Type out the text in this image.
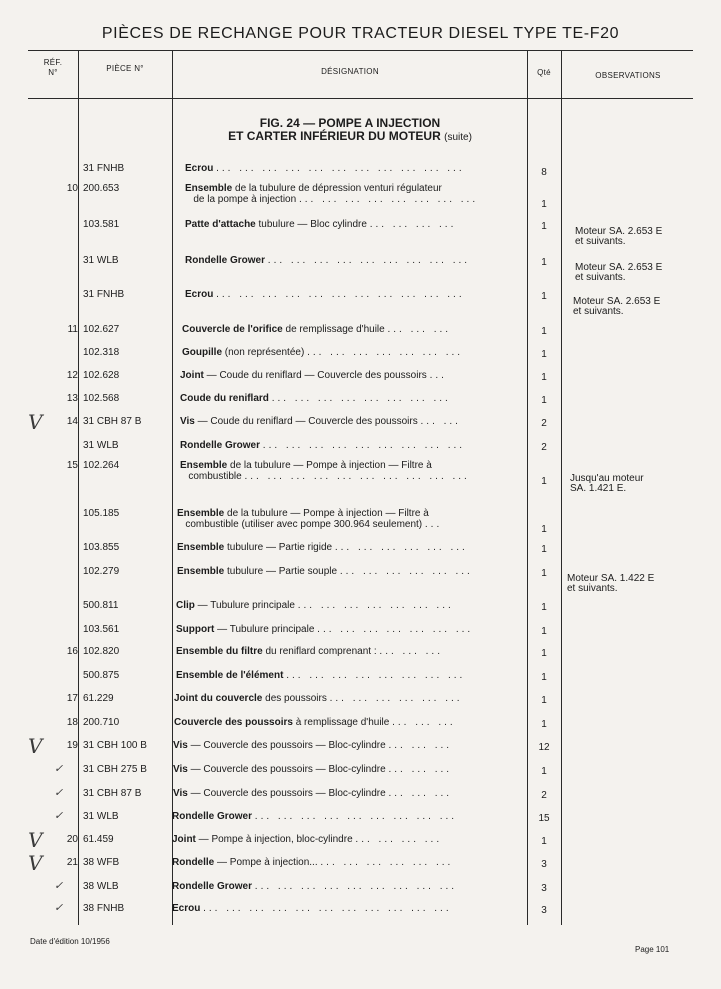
PIÈCES DE RECHANGE POUR TRACTEUR DIESEL TYPE TE-F20
RÉF.
N°	PIÈCE N°	DÉSIGNATION	Qté	OBSERVATIONS
FIG. 24 — POMPE A INJECTION
ET CARTER INFÉRIEUR DU MOTEUR (suite)
31 FNHB	Ecrou ... ... ... ... ... ... ... ... ... ... ...	8
10 200.653	Ensemble de la tubulure de dépression venturi régulateur
de la pompe à injection ... ... ... ... ... ... ... ...	1
103.581	Patte d'attache tubulure — Bloc cylindre ... ... ... ...	1	Moteur SA. 2.653 E
et suivants.
31 WLB	Rondelle Grower ... ... ... ... ... ... ... ... ...	1	Moteur SA. 2.653 E
et suivants.
31 FNHB	Ecrou ... ... ... ... ... ... ... ... ... ... ...	1	Moteur SA. 2.653 E
et suivants.
11 102.627	Couvercle de l'orifice de remplissage d'huile ... ... ...	1
102.318	Goupille (non représentée) ... ... ... ... ... ... ...	1
12 102.628	Joint — Coude du reniflard — Couvercle des poussoirs ...	1
13 102.568	Coude du reniflard ... ... ... ... ... ... ... ...	1
14
V	31 CBH 87 B	Vis — Coude du reniflard — Couvercle des poussoirs ... ...	2
31 WLB	Rondelle Grower ... ... ... ... ... ... ... ... ...	2
15 102.264	Ensemble de la tubulure — Pompe à injection — Filtre à
combustible ... ... ... ... ... ... ... ... ... ...	1	Jusqu'au moteur
SA. 1.421 E.
105.185	Ensemble de la tubulure — Pompe à injection — Filtre à
combustible (utiliser avec pompe 300.964 seulement) ...	1
103.855	Ensemble tubulure — Partie rigide ... ... ... ... ... ...	1
102.279	Ensemble tubulure — Partie souple ... ... ... ... ... ...	1	Moteur SA. 1.422 E
et suivants.
500.811	Clip — Tubulure principale ... ... ... ... ... ... ...	1
103.561	Support — Tubulure principale ... ... ... ... ... ... ...	1
16 102.820	Ensemble du filtre du reniflard comprenant : ... ... ...	1
500.875	Ensemble de l'élément ... ... ... ... ... ... ... ...	1
17 61.229	Joint du couvercle des poussoirs ... ... ... ... ... ...	1
18 200.710	Couvercle des poussoirs à remplissage d'huile ... ... ...	1
19
V	31 CBH 100 B	Vis — Couvercle des poussoirs — Bloc-cylindre ... ... ...	12
✓ 31 CBH 275 B	Vis — Couvercle des poussoirs — Bloc-cylindre ... ... ...	1
✓ 31 CBH 87 B	Vis — Couvercle des poussoirs — Bloc-cylindre ... ... ...	2
✓ 31 WLB	Rondelle Grower ... ... ... ... ... ... ... ... ...	15
20
V	61.459	Joint — Pompe à injection, bloc-cylindre ... ... ... ...	1
21
V	38 WFB	Rondelle — Pompe à injection... ... ... ... ... ... ...	3
✓ 38 WLB	Rondelle Grower ... ... ... ... ... ... ... ... ...	3
✓ 38 FNHB	Ecrou ... ... ... ... ... ... ... ... ... ... ...	3
Date d'édition 10/1956
Page 101
